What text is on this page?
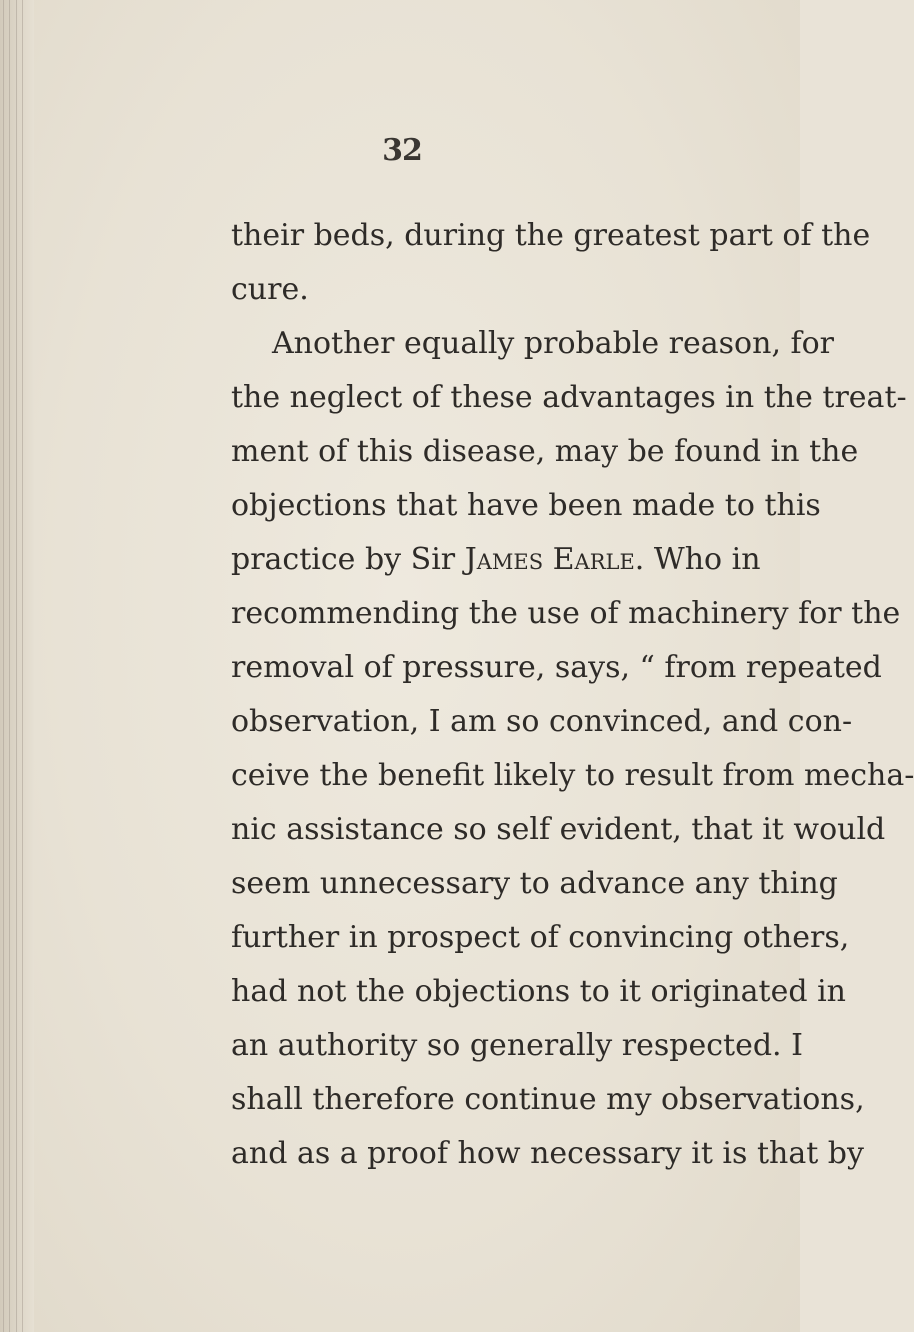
32
their beds, during the greatest part of the
cure.
Another equally probable reason, for
the neglect of these advantages in the treat-
ment of this disease, may be found in the
objections that have been made to this
practice by Sir James Earle. Who in
recommending the use of machinery for the
removal of pressure, says, “ from repeated
observation, I am so convinced, and con-
ceive the benefit likely to result from mecha-
nic assistance so self evident, that it would
seem unnecessary to advance any thing
further in prospect of convincing others,
had not the objections to it originated in
an authority so generally respected. I
shall therefore continue my observations,
and as a proof how necessary it is that by
